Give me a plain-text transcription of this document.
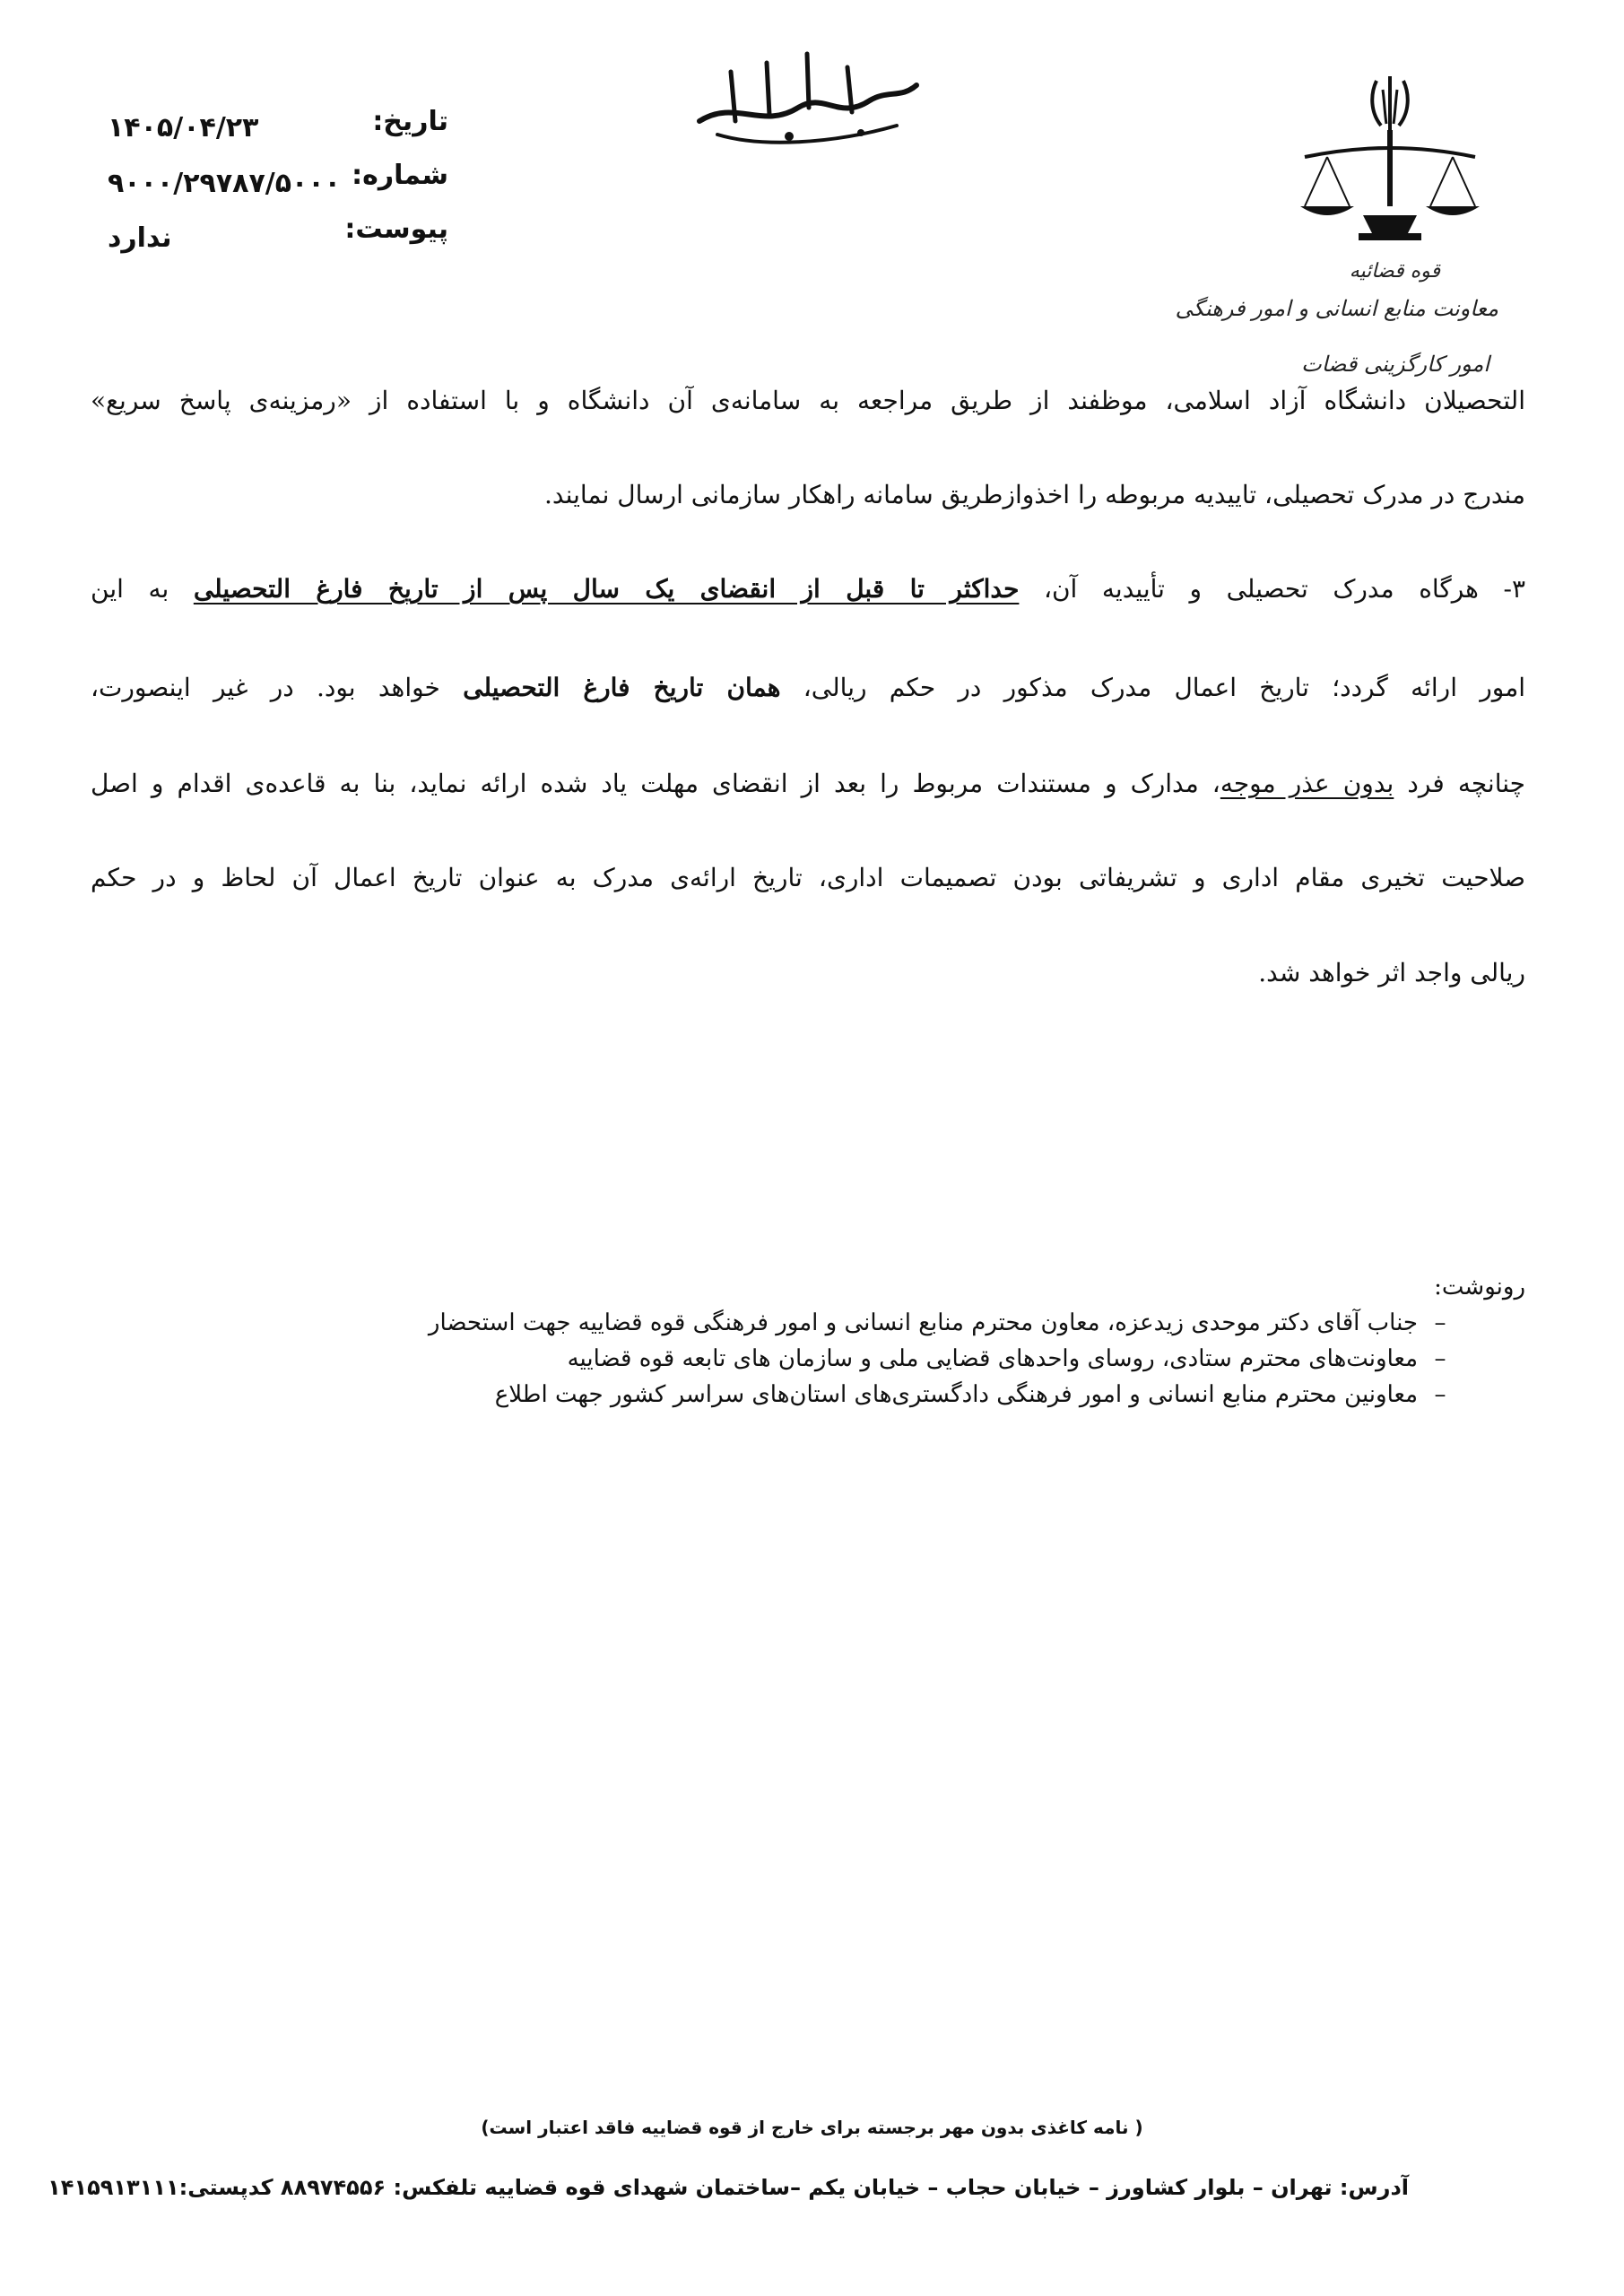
تاریخ:
۱۴۰۵/۰۴/۲۳
شماره:
۹۰۰۰/۲۹۷۸۷/۵۰۰۰
پیوست:
ندارد
قوه قضائیه
معاونت منابع انسانی و امور فرهنگی
امور کارگزینی قضات
التحصیلان دانشگاه آزاد اسلامی، موظفند از طریق مراجعه به سامانه‌ی آن دانشگاه و با استفاده از «رمزینه‌ی پاسخ سریع»
مندرج در مدرک تحصیلی، تاییدیه مربوطه را اخذوازطریق سامانه راهکار سازمانی ارسال نمایند.
۳- هرگاه مدرک تحصیلی و تأییدیه آن، حداکثر تا قبل از انقضای یک سال پس از تاریخ فارغ التحصیلی به این
امور ارائه گردد؛ تاریخ اعمال مدرک مذکور در حکم ریالی، همان تاریخ فارغ التحصیلی خواهد بود. در غیر اینصورت،
چنانچه فرد بدون عذر موجه، مدارک و مستندات مربوط را بعد از انقضای مهلت یاد شده ارائه نماید، بنا به قاعده‌ی اقدام و اصل
صلاحیت تخیری مقام اداری و تشریفاتی بودن تصمیمات اداری، تاریخ ارائه‌ی مدرک به عنوان تاریخ اعمال آن لحاظ و در حکم
ریالی واجد اثر خواهد شد.
رونوشت:
–جناب آقای دکتر موحدی زیدعزه، معاون محترم منابع انسانی و امور فرهنگی قوه قضاییه جهت استحضار
–معاونت‌های محترم ستادی، روسای واحدهای قضایی ملی و سازمان های تابعه قوه قضاییه
–معاونین محترم منابع انسانی و امور فرهنگی دادگستری‌های استان‌های سراسر کشور جهت اطلاع
( نامه کاغذی بدون مهر برجسته برای خارج از قوه قضاییه فاقد اعتبار است)
آدرس: تهران – بلوار کشاورز – خیابان حجاب – خیابان یکم –ساختمان شهدای قوه قضاییه تلفکس: ۸۸۹۷۴۵۵۶ کدپستی:۱۴۱۵۹۱۳۱۱۱
